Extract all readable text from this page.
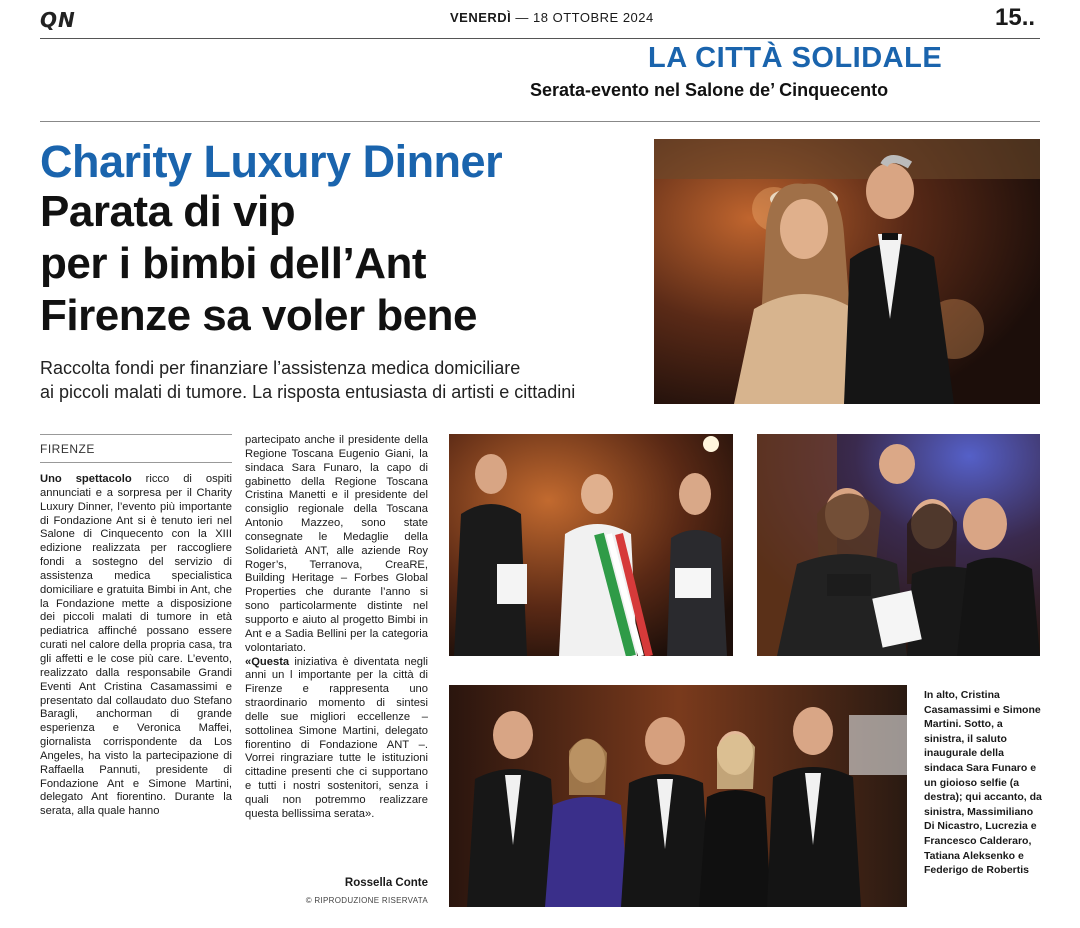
QN	VENERDÌ — 18 OTTOBRE 2024	15..
LA CITTÀ SOLIDALE
Serata-evento nel Salone de’ Cinquecento
Charity Luxury Dinner
Parata di vip
per i bimbi dell’Ant
Firenze sa voler bene
Raccolta fondi per finanziare l’assistenza medica domiciliare
ai piccoli malati di tumore. La risposta entusiasta di artisti e cittadini
FIRENZE

Uno spettacolo ricco di ospiti annunciati e a sorpresa per il Charity Luxury Dinner, l’evento più importante di Fondazione Ant si è tenuto ieri nel Salone di Cinquecento con la XIII edizione realizzata per raccogliere fondi a sostegno del servizio di assistenza medica specialistica domiciliare e gratuita Bimbi in Ant, che la Fondazione mette a disposizione dei piccoli malati di tumore in età pediatrica affinché possano essere curati nel calore della propria casa, tra gli affetti e le cose più care. L’evento, realizzato dalla responsabile Grandi Eventi Ant Cristina Casamassimi e presentato dal collaudato duo Stefano Baragli, anchorman di grande esperienza e Veronica Maffei, giornalista corrispondente da Los Angeles, ha visto la partecipazione di Raffaella Pannuti, presidente di Fondazione Ant e Simone Martini, delegato Ant fiorentino. Durante la serata, alla quale hanno

partecipato anche il presidente della Regione Toscana Eugenio Giani, la sindaca Sara Funaro, la capo di gabinetto della Regione Toscana Cristina Manetti e il presidente del consiglio regionale della Toscana Antonio Mazzeo, sono state consegnate le Medaglie della Solidarietà ANT, alle aziende Roy Roger’s, Terranova, CreaRE, Building Heritage – Forbes Global Properties che durante l’anno si sono particolarmente distinte nel supporto e aiuto al progetto Bimbi in Ant e a Sadia Bellini per la categoria volontariato.

«Questa iniziativa è diventata negli anni un l importante per la città di Firenze e rappresenta uno straordinario momento di sintesi delle sue migliori eccellenze – sottolinea Simone Martini, delegato fiorentino di Fondazione ANT –. Vorrei ringraziare tutte le istituzioni cittadine presenti che ci supportano e tutti i nostri sostenitori, senza i quali non potremmo realizzare questa bellissima serata».

Rossella Conte
© RIPRODUZIONE RISERVATA
In alto, Cristina Casamassimi e Simone Martini. Sotto, a sinistra, il saluto inaugurale della sindaca Sara Funaro e un gioioso selfie (a destra); qui accanto, da sinistra, Massimiliano Di Nicastro, Lucrezia e Francesco Calderaro, Tatiana Aleksenko e Federigo de Robertis
